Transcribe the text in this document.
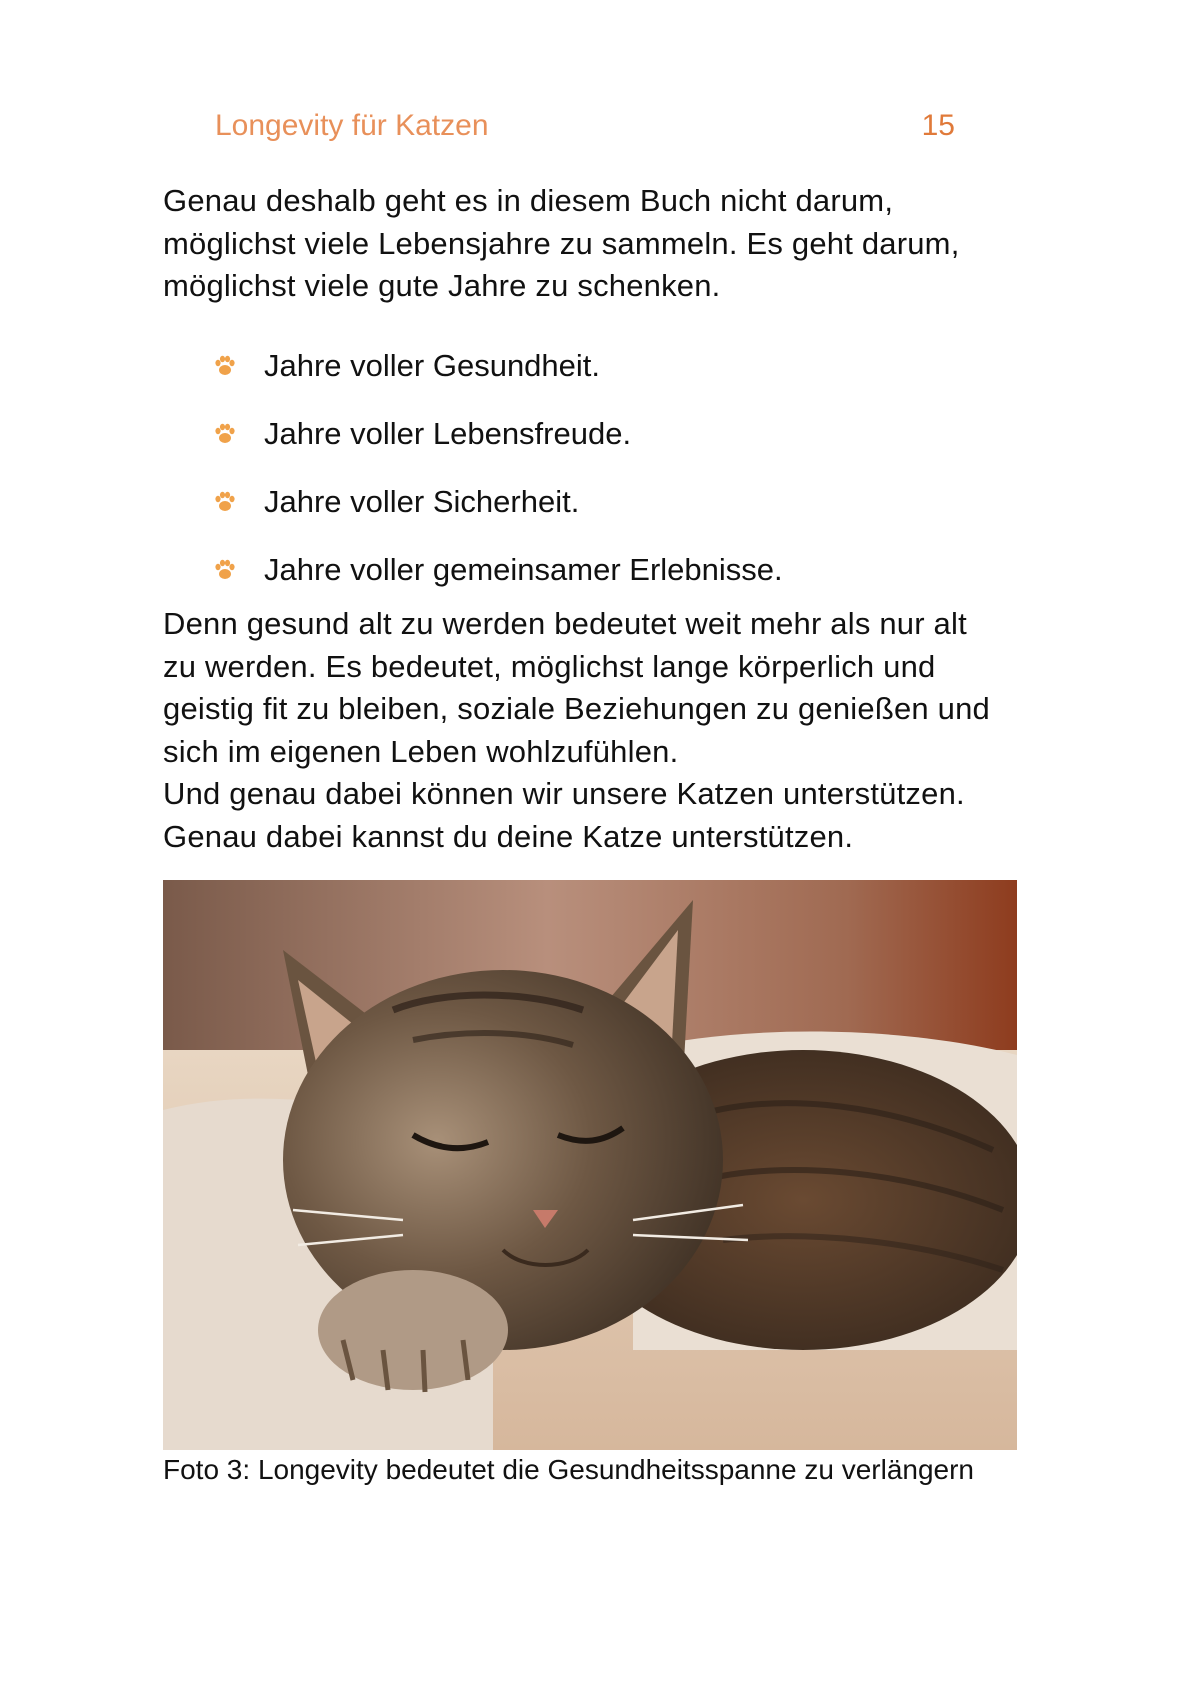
Longevity für Katzen	15
Genau deshalb geht es in diesem Buch nicht darum,
möglichst viele Lebensjahre zu sammeln. Es geht darum,
möglichst viele gute Jahre zu schenken.
Jahre voller Gesundheit.
Jahre voller Lebensfreude.
Jahre voller Sicherheit.
Jahre voller gemeinsamer Erlebnisse.
Denn gesund alt zu werden bedeutet weit mehr als nur alt
zu werden. Es bedeutet, möglichst lange körperlich und
geistig fit zu bleiben, soziale Beziehungen zu genießen und
sich im eigenen Leben wohlzufühlen.
Und genau dabei können wir unsere Katzen unterstützen.
Genau dabei kannst du deine Katze unterstützen.
Foto 3: Longevity bedeutet die Gesundheitsspanne zu verlängern
